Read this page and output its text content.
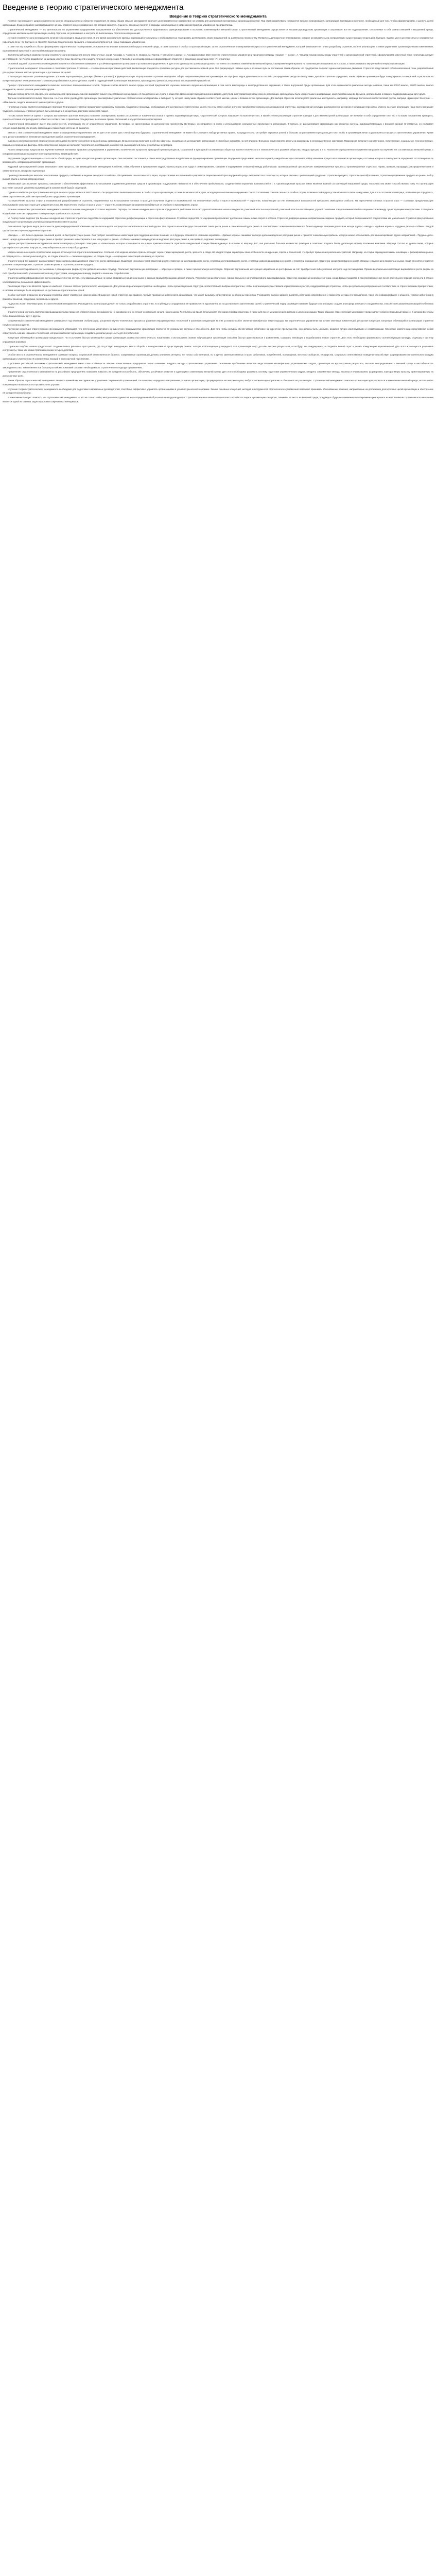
Введение в теорию стратегического менеджмента
Введение в теорию стратегического менеджмента

Понятие «менеджмент» широко известно во многих специальностях и областях управления. В самом общем смысле менеджмент означает целенаправленное воздействие на систему для достижения поставленных организацией целей. Под этим воздействием понимается процесс планирования, организации, мотивации и контроля, необходимый для того, чтобы сформулировать и достичь целей организации. В данной работе рассматриваются основы стратегического управления, его история развития, сущность, основные понятия и подходы, используемые в современной практике управления предприятиями.

Стратегический менеджмент — это деятельность по управлению предприятием, направленная на обеспечение его долгосрочного и эффективного функционирования в постоянно изменяющейся внешней среде. Стратегический менеджмент осуществляется высшим руководством организации и затрагивает все её подразделения. Он включает в себя анализ внешней и внутренней среды, определение миссии и целей организации, выбор стратегии, её реализацию и контроль за выполнением стратегических решений.

История стратегического менеджмента начинается в середине двадцатого века. В это время руководители крупных корпораций столкнулись с необходимостью планировать деятельность своих предприятий на длительную перспективу. Появилось долгосрочное планирование, которое основывалось на экстраполяции существующих тенденций в будущее. Однако уже в шестидесятые и семидесятые годы стало ясно, что будущее не является простым продолжением прошлого, и возникла потребность в новых подходах к управлению.

В ответ на эту потребность было сформировано стратегическое планирование, основанное на анализе возможностей и угроз внешней среды, а также сильных и слабых сторон организации. Затем стратегическое планирование переросло в стратегический менеджмент, который охватывает не только разработку стратегии, но и её реализацию, а также управление организационными изменениями, корпоративной культурой и системой мотивации персонала.

Значительный вклад в развитие теории стратегического менеджмента внесли такие учёные, как И. Ансофф, А. Чандлер, К. Эндрюс, М. Портер, Г. Минцберг и другие. И. Ансофф впервые ввёл понятие стратегического управления и предложил матрицу «продукт — рынок». А. Чандлер показал связь между стратегией и организационной структурой, сформулировав известный тезис «структура следует за стратегией». М. Портер разработал концепцию конкурентных преимуществ и модель пяти сил конкуренции. Г. Минцберг исследовал процесс формирования стратегий и предложил концепцию пяти «П» стратегии.

Основной задачей стратегического менеджмента является обеспечение выживания и устойчивого развития организации в условиях неопределённости. Для этого руководство организации должно постоянно отслеживать изменения во внешней среде, своевременно реагировать на появляющиеся возможности и угрозы, а также развивать внутренний потенциал организации.

Стратегический менеджмент тесно связан с понятием стратегии. Стратегия — это генеральная программа действий, выявляющая приоритеты проблем и ресурсы для достижения основной цели. Она формулирует главные цели и основные пути их достижения таким образом, что предприятие получает единое направление движения. Стратегия представляет собой комплексный план, разработанный для осуществления миссии организации и достижения её целей.

В литературе выделяют различные уровни стратегии: корпоративную, деловую (бизнес-стратегию) и функциональную. Корпоративная стратегия определяет общее направление развития организации, её портфель видов деятельности и способы распределения ресурсов между ними. Деловая стратегия определяет, каким образом организация будет конкурировать в конкретной отрасли или на конкретном рынке. Функциональные стратегии разрабатываются для отдельных служб и подразделений организации: маркетинга, производства, финансов, персонала, исследований и разработок.

Процесс стратегического менеджмента включает несколько взаимосвязанных этапов. Первым этапом является анализ среды, который предполагает изучение внешнего окружения организации, в том числе макросреды и непосредственного окружения, а также внутренней среды организации. Для этого применяются различные методы анализа, такие как PEST-анализ, SWOT-анализ, анализ конкурентов, анализ цепочки ценностей и другие.

Вторым этапом является определение миссии и целей организации. Миссия выражает смысл существования организации, её предназначение и роль в обществе. Цели конкретизируют миссию в форме, доступной для управления процессом их реализации. Цели должны быть конкретными и измеримыми, ориентированными во времени, достижимыми и взаимно поддерживающими друг друга.

Третьим этапом является выбор стратегии. На этом этапе руководство организации рассматривает различные стратегические альтернативы и выбирает ту, которая наилучшим образом соответствует миссии, целям и возможностям организации. Для выбора стратегии используются различные инструменты, например, матрица Бостонской консалтинговой группы, матрица «Дженерал Электрик» — «Мак-Кинси», модель жизненного цикла отрасли и другие.

Четвёртым этапом является реализация стратегии. Реализация стратегии предполагает разработку программ, бюджетов и процедур, необходимых для достижения стратегических целей. На этом этапе особое значение приобретают вопросы организационной структуры, корпоративной культуры, распределения ресурсов и мотивации персонала. Именно на этапе реализации чаще всего возникают трудности, поскольку стратегия должна быть воплощена в конкретных действиях множества людей.

Пятым этапом является оценка и контроль выполнения стратегии. Контроль позволяет своевременно выявить отклонения от намеченных планов и принять корректирующие меры. Стратегический контроль направлен на выяснение того, в какой степени реализация стратегии приводит к достижению целей организации. Он включает в себя определение того, что и по каким показателям проверять, оценку состояния контролируемого объекта в соответствии с принятыми стандартами, выяснение причин отклонений и осуществление корректировки.

Стратегический менеджмент имеет ряд особенностей, отличающих его от оперативного управления. Во-первых, он ориентирован на долгосрочную перспективу. Во-вторых, он направлен на поиск и использование конкурентных преимуществ организации. В-третьих, он рассматривает организацию как открытую систему, взаимодействующую с внешней средой. В-четвёртых, он учитывает человеческий фактор как основу организации и важнейший источник её развития.

Вместе с тем стратегический менеджмент имеет и определённые ограничения. Он не даёт и не может дать точной картины будущего. Стратегический менеджмент не может быть сведён к набору рутинных правил, процедур и схем. Он требует огромных усилий и больших затрат времени и ресурсов для того, чтобы в организации начал осуществляться процесс стратегического управления. Кроме того, резко усиливаются негативные последствия ошибок стратегического предвидения.

Одним из ключевых понятий стратегического менеджмента является понятие внешней среды организации. Внешняя среда включает в себя все факторы, находящиеся за пределами организации и способные оказывать на неё влияние. Внешнюю среду принято делить на макросреду и непосредственное окружение. Макросреда включает экономические, политические, социальные, технологические, правовые и природные факторы. Непосредственное окружение включает покупателей, поставщиков, конкурентов, рынок рабочей силы и контактные аудитории.

Анализ макросреды предполагает изучение влияния экономики, правового регулирования и управления, политических процессов, природной среды и ресурсов, социальной и культурной составляющих общества, научно-технического и технологического развития общества, инфраструктуры и т. п. Анализ непосредственного окружения направлен на изучение тех составляющих внешней среды, с которыми организация находится в непосредственном взаимодействии.

Внутренняя среда организации — это та часть общей среды, которая находится в рамках организации. Она оказывает постоянное и самое непосредственное воздействие на функционирование организации. Внутренняя среда имеет несколько срезов, каждый из которых включает набор ключевых процессов и элементов организации, состояние которых в совокупности определяет тот потенциал и те возможности, которыми располагает организация.

Кадровый срез внутренней среды охватывает такие процессы, как взаимодействие менеджеров и рабочих, найм, обучение и продвижение кадров, оценка результатов труда и стимулирование, создание и поддержание отношений между работниками. Организационный срез включает коммуникационные процессы, организационные структуры, нормы, правила, процедуры, распределение прав и ответственности, иерархию подчинения.

Производственный срез включает изготовление продукта, снабжение и ведение складского хозяйства, обслуживание технологического парка, осуществление исследований и разработок. Маркетинговый срез внутренней среды охватывает все те процессы, которые связаны с реализацией продукции: стратегию продукта, стратегию ценообразования, стратегию продвижения продукта на рынке, выбор рынков сбыта и систем распределения.

Финансовый срез включает процессы, связанные с обеспечением эффективного использования и движения денежных средств в организации: поддержание ликвидности и обеспечение прибыльности, создание инвестиционных возможностей и т. п. Организационная культура также является важной составляющей внутренней среды, поскольку она может способствовать тому, что организация выступает сильной, устойчиво выживающей в конкурентной борьбе структурой.

Одним из наиболее распространённых методов анализа среды является SWOT-анализ. Он предполагает выявление сильных и слабых сторон организации, а также возможностей и угроз, исходящих из её внешнего окружения. После составления списков сильных и слабых сторон, возможностей и угроз устанавливаются связи между ними. Для этого составляется матрица, позволяющая определить, какие стратегические действия целесообразно предпринять организации.

На пересечении сильных сторон и возможностей разрабатываются стратегии, направленные на использование сильных сторон для получения отдачи от возможностей. На пересечении слабых сторон и возможностей — стратегии, позволяющие за счёт появившихся возможностей преодолеть имеющиеся слабости. На пересечении сильных сторон и угроз — стратегии, предполагающие использование сильных сторон для устранения угроз. На пересечении слабых сторон и угроз — стратегии, позволяющие одновременно избавиться от слабости и предотвратить угрозу.

Важным элементом стратегического менеджмента является анализ конкуренции. Согласно модели М. Портера, состояние конкуренции в отрасли определяется действием пяти сил: угрозой появления новых конкурентов, рыночной властью покупателей, рыночной властью поставщиков, угрозой появления товаров-заменителей и соперничеством между существующими конкурентами. Совокупное воздействие этих сил определяет потенциальную прибыльность отрасли.

М. Портер также выделил три базовые конкурентные стратегии: стратегию лидерства по издержкам, стратегию дифференциации и стратегию фокусирования. Стратегия лидерства по издержкам предполагает достижение самых низких затрат в отрасли. Стратегия дифференциации направлена на создание продукта, который воспринимается покупателями как уникальный. Стратегия фокусирования предполагает концентрацию усилий на определённом сегменте рынка.

Для анализа портфеля видов деятельности диверсифицированной компании широко используется матрица Бостонской консалтинговой группы. Она строится на основе двух показателей: темпа роста рынка и относительной доли рынка. В соответствии с этими показателями все бизнес-единицы компании делятся на четыре группы: «звёзды», «дойные коровы», «трудные дети» и «собаки». Каждой группе соответствует определённая стратегия.

«Звёзды» — это бизнес-единицы с высокой долей на быстрорастущем рынке. Они требуют значительных инвестиций для поддержания своих позиций, но в будущем становятся «дойными коровами». «Дойные коровы» занимают высокую долю на медленно растущем рынке и приносят значительную прибыль, которую можно использовать для финансирования других направлений. «Трудные дети» имеют низкую долю на быстрорастущем рынке и требуют решения: инвестировать в них или уходить с рынка. «Собаки» занимают низкую долю на медленно растущем рынке и, как правило, подлежат ликвидации.

Другим распространённым инструментом является матрица «Дженерал Электрик» — «Мак-Кинси», которая основывается на оценке привлекательности отрасли и конкурентной позиции бизнес-единицы. В отличие от матрицы БКГ, она учитывает большее количество факторов и позволяет получить более детальную картину положения компании. Матрица состоит из девяти ячеек, которые группируются в три зоны: зону роста, зону избирательности и зону сбора урожая.

Модель жизненного цикла отрасли также широко используется в стратегическом анализе. Согласно этой модели, каждая отрасль проходит через стадии зарождения, роста, зрелости и спада. На каждой стадии характерны свои особенности конкуренции, спроса и технологий, что требует применения различных стратегий. Например, на стадии зарождения важны инновации и формирование рынка, на стадии роста — захват рыночной доли, на стадии зрелости — снижение издержек, на стадии спада — сокращение инвестиций или выход из отрасли.

Стратегический менеджмент рассматривает также вопросы формирования стратегии роста организации. Выделяют несколько типов стратегий роста: стратегии концентрированного роста, стратегии интегрированного роста, стратегии диверсифицированного роста и стратегии сокращения. Стратегии концентрированного роста связаны с изменением продукта и рынка. Сюда относятся стратегия усиления позиции на рынке, стратегия развития рынка и стратегия развития продукта.

Стратегии интегрированного роста связаны с расширением фирмы путём добавления новых структур. Различают вертикальную интеграцию — обратную и прямую, а также горизонтальную интеграцию. Обратная вертикальная интеграция направлена на рост фирмы за счёт приобретения либо усиления контроля над поставщиками. Прямая вертикальная интеграция выражается в росте фирмы за счёт приобретения либо усиления контроля над структурами, находящимися между фирмой и конечным потребителем.

Стратегии диверсифицированного роста реализуются в том случае, если фирмы дальше не могут развиваться на данном рынке с данным продуктом в рамках данной отрасли. Различают концентрическую, горизонтальную и конгломеративную диверсификацию. Стратегии сокращения реализуются тогда, когда фирма нуждается в перегруппировке сил после длительного периода роста или в связи с необходимостью повышения эффективности.

Реализация стратегии является одним из наиболее сложных этапов стратегического менеджмента. Для успешной реализации стратегии необходимо, чтобы организационная структура соответствовала выбранной стратегии, чтобы в организации существовала корпоративная культура, поддерживающая стратегию, чтобы ресурсы были распределены в соответствии со стратегическими приоритетами, а система мотивации была направлена на достижение стратегических целей.

Особое значение в процессе реализации стратегии имеет управление изменениями. Внедрение новой стратегии, как правило, требует проведения изменений в организации, что может вызывать сопротивление со стороны персонала. Руководство должно заранее выявлять источники сопротивления и применять методы его преодоления, такие как информирование и общение, участие работников в принятии решений, поддержка, переговоры и другие.

Лидерство играет ключевую роль в стратегическом менеджменте. Руководитель организации должен не только разрабатывать стратегию, но и убеждать сотрудников в её правильности, вдохновлять их на достижение стратегических целей. Стратегический лидер формирует видение будущего организации, создаёт атмосферу доверия и сотрудничества, способствует развитию инноваций и обучению персонала.

Стратегический контроль является завершающим этапом процесса стратегического менеджмента, но одновременно он служит основой для начала нового цикла. Результаты контроля используются для корректировки стратегии, а также для внесения изменений в миссию и цели организации. Таким образом, стратегический менеджмент представляет собой непрерывный процесс, в котором все этапы тесно взаимосвязаны друг с другом.

Современный стратегический менеджмент развивается под влиянием глобализации, ускорения научно-технического прогресса, развития информационных технологий и усиления конкуренции. В этих условиях особое значение приобретают такие подходы, как стратегическое управление на основе ключевых компетенций, ресурсная концепция, концепция обучающейся организации, стратегии голубого океана и другие.

Ресурсная концепция стратегического менеджмента утверждает, что источником устойчивого конкурентного преимущества организации являются её уникальные ресурсы и способности. Для того чтобы ресурсы обеспечивали устойчивое конкурентное преимущество, они должны быть ценными, редкими, трудно имитируемыми и незаменимыми. Ключевые компетенции представляют собой совокупность знаний, навыков и технологий, которые позволяют организации создавать уникальную ценность для потребителей.

Концепция обучающейся организации предполагает, что в условиях быстро меняющейся среды организация должна постоянно учиться, накапливать и использовать знания. Обучающаяся организация способна быстро адаптироваться к изменениям, создавать инновации и вырабатывать новые стратегии. Для этого необходимо формировать соответствующую культуру, структуру и систему управления знаниями.

Стратегия голубого океана предполагает создание новых рыночных пространств, где отсутствует конкуренция, вместо борьбы с конкурентами на существующих рынках. Авторы этой концепции утверждают, что организации могут достичь высоких результатов, если будут не конкурировать, а создавать новый спрос и делать конкуренцию нерелевантной. Для этого используются различные инструменты, такие как канва стратегии и схема четырёх действий.

Особое место в стратегическом менеджменте занимают вопросы социальной ответственности бизнеса. Современные организации должны учитывать интересы не только собственников, но и других заинтересованных сторон: работников, потребителей, поставщиков, местных сообществ, государства. Социально ответственное поведение способствует формированию положительного имиджа организации и укреплению её конкурентных позиций в долгосрочной перспективе.

В условиях российской экономики стратегический менеджмент имеет свои особенности. Многие отечественные предприятия только начинают внедрять методы стратегического управления. Основными проблемами являются недостаточная квалификация управленческих кадров, ориентация на краткосрочные результаты, высокая неопределённость внешней среды и нестабильность законодательства. Тем не менее всё больше российских компаний осознают необходимость стратегического подхода к управлению.

Применение стратегического менеджмента на российских предприятиях позволяет повысить их конкурентоспособность, обеспечить устойчивое развитие и адаптацию к изменениям внешней среды. Для этого необходимо развивать систему подготовки управленческих кадров, внедрять современные методы анализа и планирования, формировать корпоративную культуру, ориентированную на долгосрочные цели.

Таким образом, стратегический менеджмент является важнейшим инструментом управления современной организацией. Он позволяет определить направление развития организации, сформулировать её миссию и цели, выбрать оптимальную стратегию и обеспечить её реализацию. Стратегический менеджмент помогает организации адаптироваться к изменениям внешней среды, использовать появляющиеся возможности и противостоять угрозам.

Изучение теории стратегического менеджмента необходимо для подготовки современных руководителей, способных эффективно управлять организациями в условиях рыночной экономики. Знание основных концепций, методов и инструментов стратегического управления позволяет принимать обоснованные решения, направленные на достижение долгосрочных целей организации и обеспечение её конкурентоспособности.

В заключение следует отметить, что стратегический менеджмент — это не только набор методов и инструментов, но и определённый образ мышления руководителя. Стратегическое мышление предполагает способность видеть организацию как целое, понимать её место во внешней среде, предвидеть будущие изменения и своевременно реагировать на них. Развитие стратегического мышления является одной из главных задач подготовки современных менеджеров.
